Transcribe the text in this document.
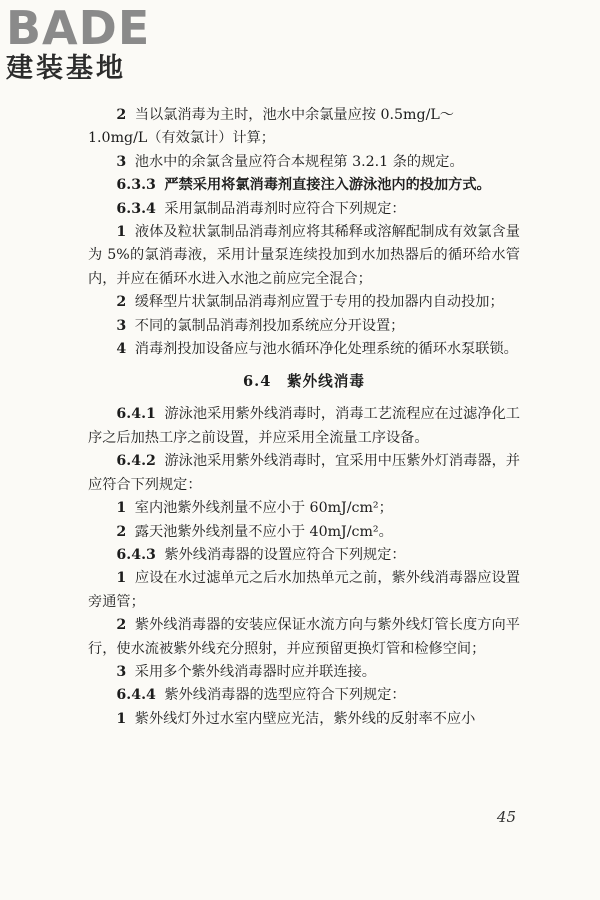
BADE
建装基地
2 当以氯消毒为主时，池水中余氯量应按 0.5mg/L～
1.0mg/L（有效氯计）计算；
3 池水中的余氯含量应符合本规程第 3.2.1 条的规定。
6.3.3 严禁采用将氯消毒剂直接注入游泳池内的投加方式。
6.3.4 采用氯制品消毒剂时应符合下列规定：
1 液体及粒状氯制品消毒剂应将其稀释或溶解配制成有效氯含量为 5%的氯消毒液，采用计量泵连续投加到水加热器后的循环给水管内，并应在循环水进入水池之前应完全混合；
2 缓释型片状氯制品消毒剂应置于专用的投加器内自动投加；
3 不同的氯制品消毒剂投加系统应分开设置；
4 消毒剂投加设备应与池水循环净化处理系统的循环水泵联锁。
6.4　紫外线消毒
6.4.1 游泳池采用紫外线消毒时，消毒工艺流程应在过滤净化工序之后加热工序之前设置，并应采用全流量工序设备。
6.4.2 游泳池采用紫外线消毒时，宜采用中压紫外灯消毒器，并应符合下列规定：
1 室内池紫外线剂量不应小于 60mJ/cm²；
2 露天池紫外线剂量不应小于 40mJ/cm²。
6.4.3 紫外线消毒器的设置应符合下列规定：
1 应设在水过滤单元之后水加热单元之前，紫外线消毒器应设置旁通管；
2 紫外线消毒器的安装应保证水流方向与紫外线灯管长度方向平行，使水流被紫外线充分照射，并应预留更换灯管和检修空间；
3 采用多个紫外线消毒器时应并联连接。
6.4.4 紫外线消毒器的选型应符合下列规定：
1 紫外线灯外过水室内壁应光洁，紫外线的反射率不应小
45
